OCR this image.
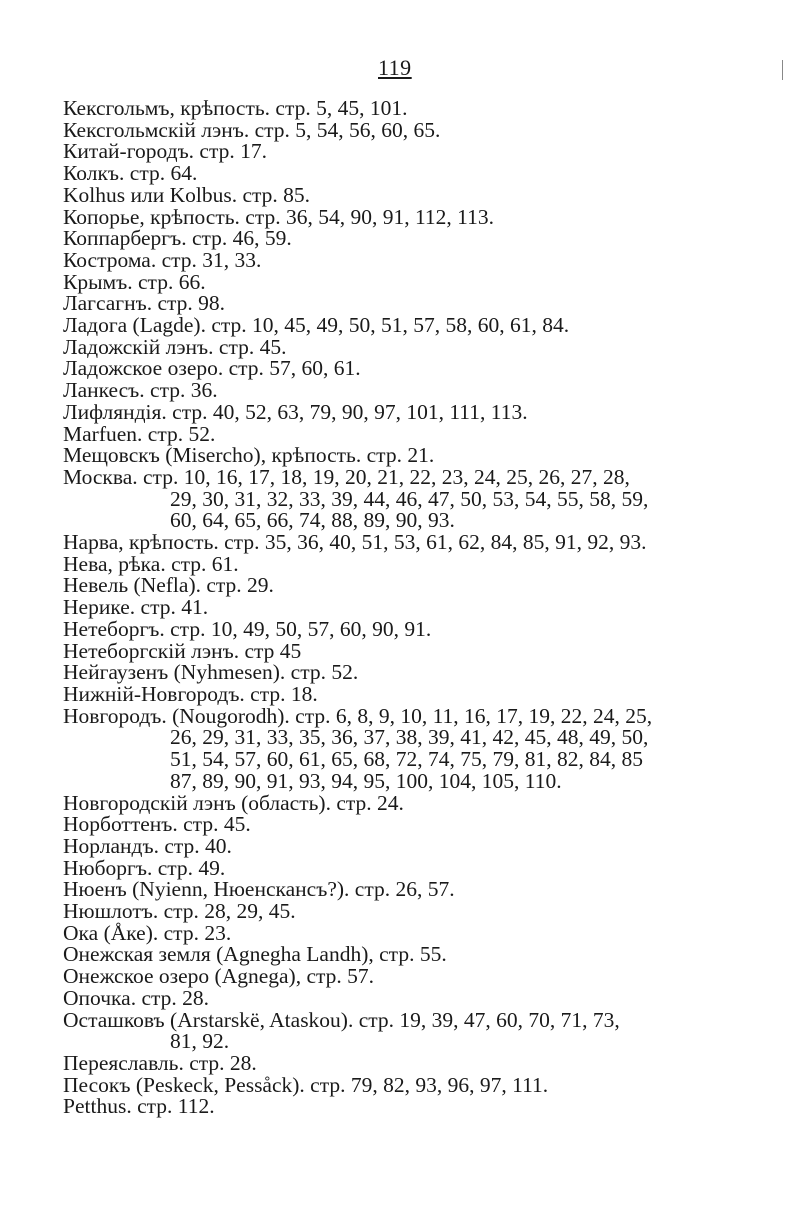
119
Кексгольмъ, крѣпость. стр. 5, 45, 101.
Кексгольмскій лэнъ. стр. 5, 54, 56, 60, 65.
Китай-городъ. стр. 17.
Колкъ. стр. 64.
Kolhus или Kolbus. стр. 85.
Копорье, крѣпость. стр. 36, 54, 90, 91, 112, 113.
Коппарбергъ. стр. 46, 59.
Кострома. стр. 31, 33.
Крымъ. стр. 66.
Лагсагнъ. стр. 98.
Ладога (Lagde). стр. 10, 45, 49, 50, 51, 57, 58, 60, 61, 84.
Ладожскій лэнъ. стр. 45.
Ладожское озеро. стр. 57, 60, 61.
Ланкесъ. стр. 36.
Лифляндія. стр. 40, 52, 63, 79, 90, 97, 101, 111, 113.
Marfuen. стр. 52.
Мещовскъ (Miserchо), крѣпость. стр. 21.
Москва. стр. 10, 16, 17, 18, 19, 20, 21, 22, 23, 24, 25, 26, 27, 28,
29, 30, 31, 32, 33, 39, 44, 46, 47, 50, 53, 54, 55, 58, 59,
60, 64, 65, 66, 74, 88, 89, 90, 93.
Нарва, крѣпость. стр. 35, 36, 40, 51, 53, 61, 62, 84, 85, 91, 92, 93.
Нева, рѣка. стр. 61.
Невель (Nefla). стр. 29.
Нерике. стр. 41.
Нетеборгъ. стр. 10, 49, 50, 57, 60, 90, 91.
Нетеборгскій лэнъ. стр 45
Нейгаузенъ (Nyhmesen). стр. 52.
Нижній-Новгородъ. стр. 18.
Новгородъ. (Nougorodh). стр. 6, 8, 9, 10, 11, 16, 17, 19, 22, 24, 25,
26, 29, 31, 33, 35, 36, 37, 38, 39, 41, 42, 45, 48, 49, 50,
51, 54, 57, 60, 61, 65, 68, 72, 74, 75, 79, 81, 82, 84, 85
87, 89, 90, 91, 93, 94, 95, 100, 104, 105, 110.
Новгородскій лэнъ (область). стр. 24.
Норботтенъ. стр. 45.
Норландъ. стр. 40.
Нюборгъ. стр. 49.
Нюенъ (Nyienn, Нюенскансъ?). стр. 26, 57.
Нюшлотъ. стр. 28, 29, 45.
Ока (Åке). стр. 23.
Онежская земля (Agnegha Landh), стр. 55.
Онежское озеро (Agnega), стр. 57.
Опочка. стр. 28.
Осташковъ (Arstarskë, Ataskou). стр. 19, 39, 47, 60, 70, 71, 73,
81, 92.
Переяславль. стр. 28.
Песокъ (Peskeck, Pessåck). стр. 79, 82, 93, 96, 97, 111.
Petthus. стр. 112.
